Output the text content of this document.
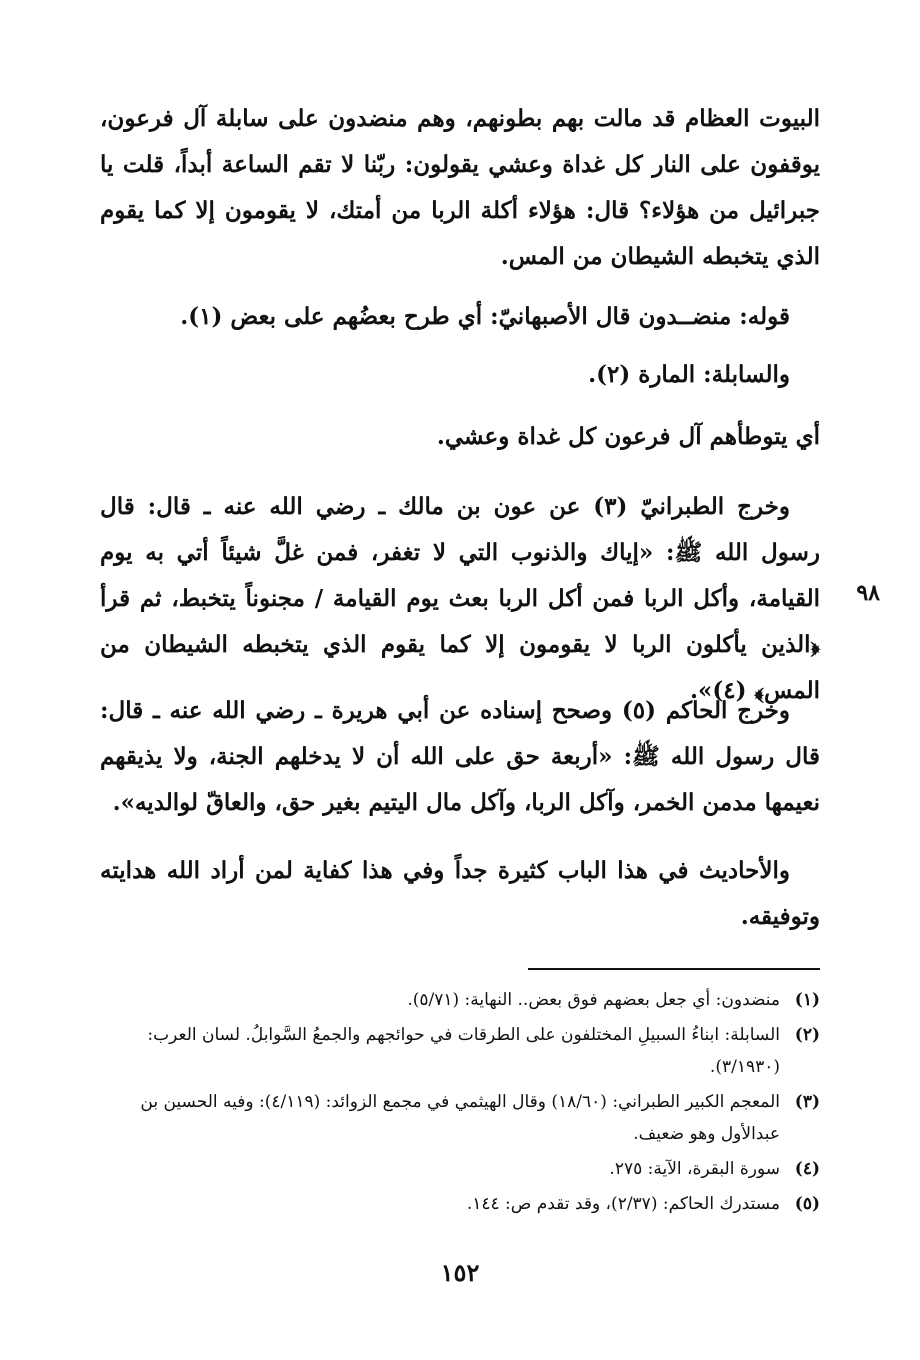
البيوت العظام قد مالت بهم بطونهم، وهم منضدون على سابلة آل فرعون، يوقفون على النار كل غداة وعشي يقولون: ربّنا لا تقم الساعة أبداً، قلت يا جبرائيل من هؤلاء؟ قال: هؤلاء أكلة الربا من أمتك، لا يقومون إلا كما يقوم الذي يتخبطه الشيطان من المس.
قوله: منضــدون قال الأصبهانيّ: أي طرح بعضُهم على بعض (١).
والسابلة: المارة (٢).
أي يتوطأهم آل فرعون كل غداة وعشي.
وخرج الطبرانيّ (٣) عن عون بن مالك ـ رضي الله عنه ـ قال: قال رسول الله ﷺ: «إياك والذنوب التي لا تغفر، فمن غلَّ شيئاً أتي به يوم القيامة، وأكل الربا فمن أكل الربا بعث يوم القيامة / مجنوناً يتخبط، ثم قرأ ﴿الذين يأكلون الربا لا يقومون إلا كما يقوم الذي يتخبطه الشيطان من المس﴾ (٤)».
وخرج الحاكم (٥) وصحح إسناده عن أبي هريرة ـ رضي الله عنه ـ قال: قال رسول الله ﷺ: «أربعة حق على الله أن لا يدخلهم الجنة، ولا يذيقهم نعيمها مدمن الخمر، وآكل الربا، وآكل مال اليتيم بغير حق، والعاقّ لوالديه».
والأحاديث في هذا الباب كثيرة جداً وفي هذا كفاية لمن أراد الله هدايته وتوفيقه.
٩٨
(١)
منضدون: أي جعل بعضهم فوق بعض.. النهاية: (٥/٧١).
(٢)
السابلة: ابناءُ السبيلِ المختلفون على الطرقات في حوائجهم والجمعُ السَّوابلُ. لسان العرب: (٣/١٩٣٠).
(٣)
المعجم الكبير الطبراني: (١٨/٦٠) وقال الهيثمي في مجمع الزوائد: (٤/١١٩): وفيه الحسين بن عبدالأول وهو ضعيف.
(٤)
سورة البقرة، الآية: ٢٧٥.
(٥)
مستدرك الحاكم: (٢/٣٧)، وقد تقدم ص: ١٤٤.
١٥٢
